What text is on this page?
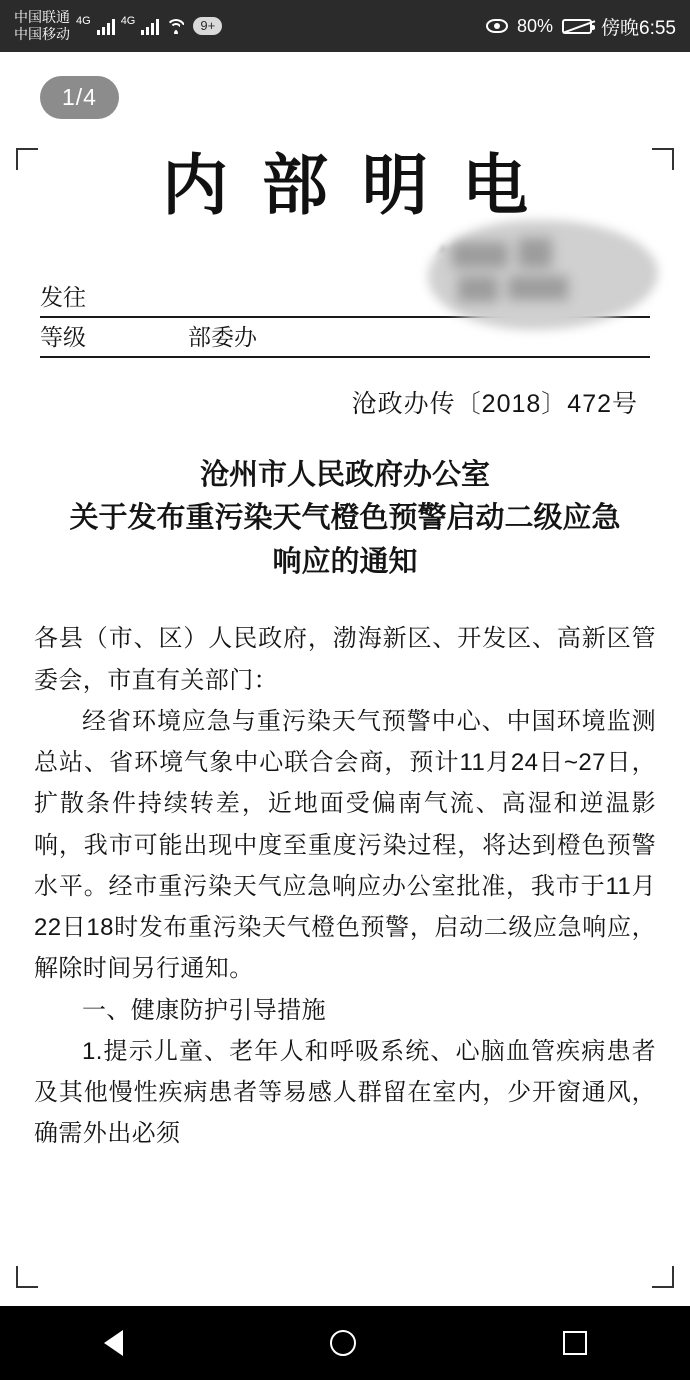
中国联通
中国移动
4G	4G	9+	80%	傍晚6:55
1/4
内部明电
发往
等级	部委办
沧政办传〔2018〕472号
沧州市人民政府办公室
关于发布重污染天气橙色预警启动二级应急
响应的通知

各县（市、区）人民政府，渤海新区、开发区、高新区管委会，市直有关部门：

经省环境应急与重污染天气预警中心、中国环境监测总站、省环境气象中心联合会商，预计11月24日~27日，扩散条件持续转差，近地面受偏南气流、高湿和逆温影响，我市可能出现中度至重度污染过程，将达到橙色预警水平。经市重污染天气应急响应办公室批准，我市于11月22日18时发布重污染天气橙色预警，启动二级应急响应，解除时间另行通知。

一、健康防护引导措施

1.提示儿童、老年人和呼吸系统、心脑血管疾病患者及其他慢性疾病患者等易感人群留在室内，少开窗通风，确需外出必须
